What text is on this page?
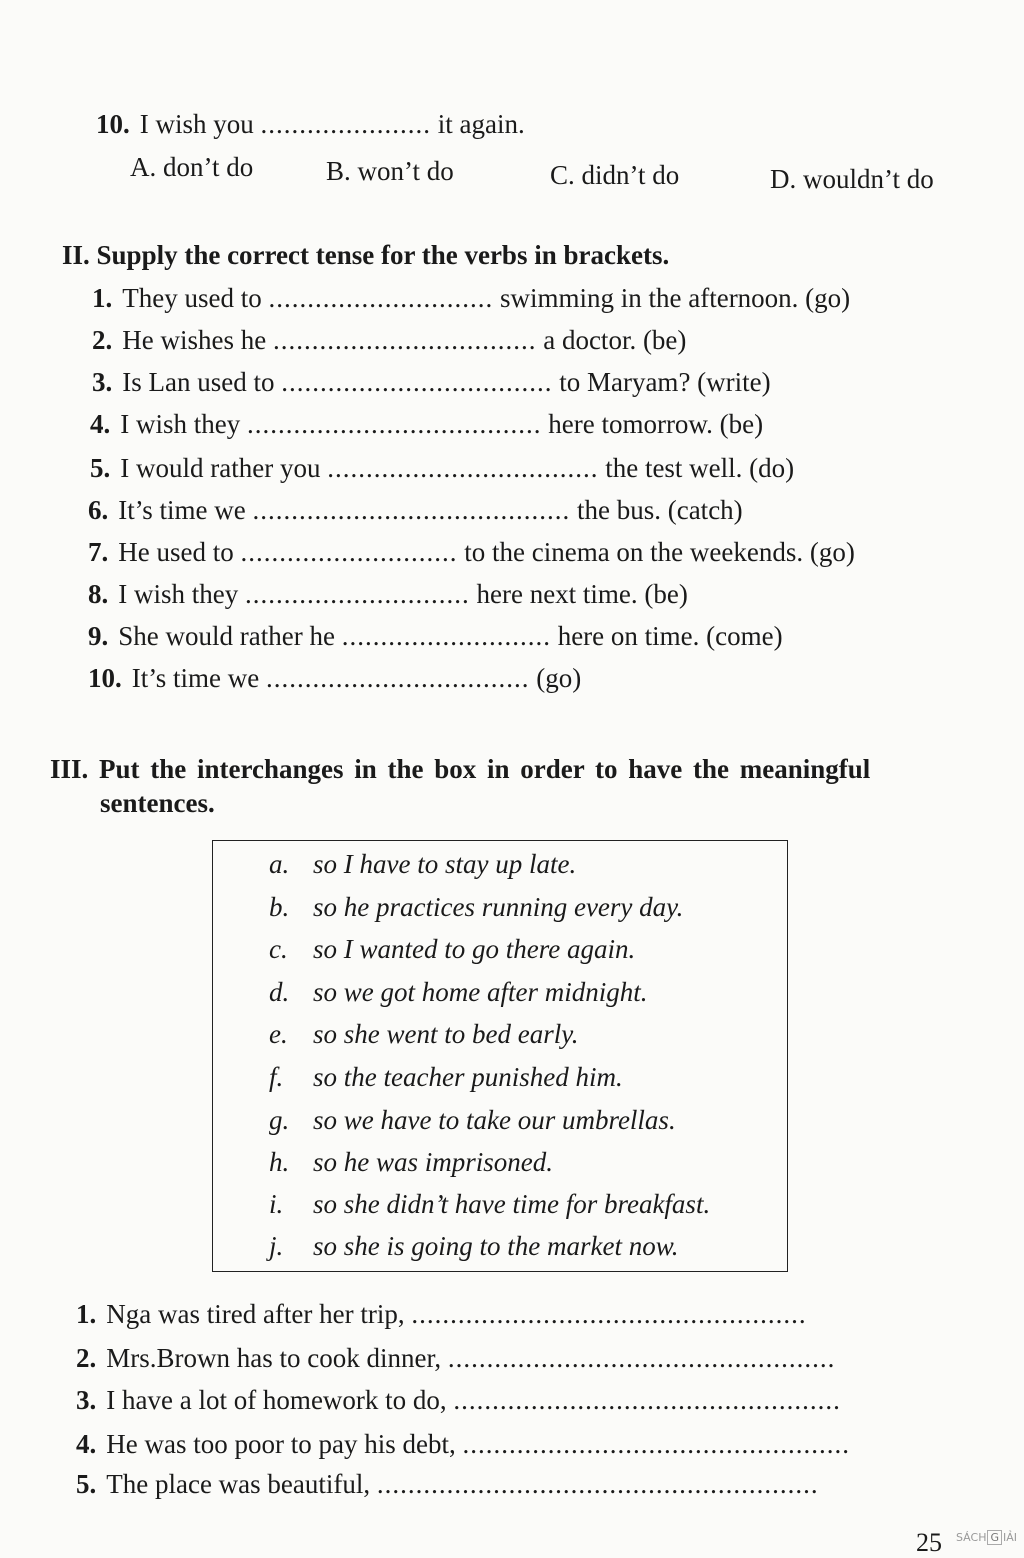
10. I wish you ...................... it again.
A. don’t do	B. won’t do	C. didn’t do	D. wouldn’t do
II. Supply the correct tense for the verbs in brackets.
1. They used to ............................. swimming in the afternoon. (go)
2. He wishes he .................................. a doctor. (be)
3. Is Lan used to ................................... to Maryam? (write)
4. I wish they ...................................... here tomorrow. (be)
5. I would rather you ................................... the test well. (do)
6. It’s time we ......................................... the bus. (catch)
7. He used to ............................ to the cinema on the weekends. (go)
8. I wish they ............................. here next time. (be)
9. She would rather he ........................... here on time. (come)
10. It’s time we .................................. (go)
III. Put the interchanges in the box in order to have the meaningful
sentences.
a. so I have to stay up late.
b. so he practices running every day.
c. so I wanted to go there again.
d. so we got home after midnight.
e. so she went to bed early.
f. so the teacher punished him.
g. so we have to take our umbrellas.
h. so he was imprisoned.
i. so she didn’t have time for breakfast.
j. so she is going to the market now.
1. Nga was tired after her trip, ...................................................
2. Mrs.Brown has to cook dinner, ..................................................
3. I have a lot of homework to do, ..................................................
4. He was too poor to pay his debt, ..................................................
5. The place was beautiful, .........................................................
25 SÁCH G IẢI
